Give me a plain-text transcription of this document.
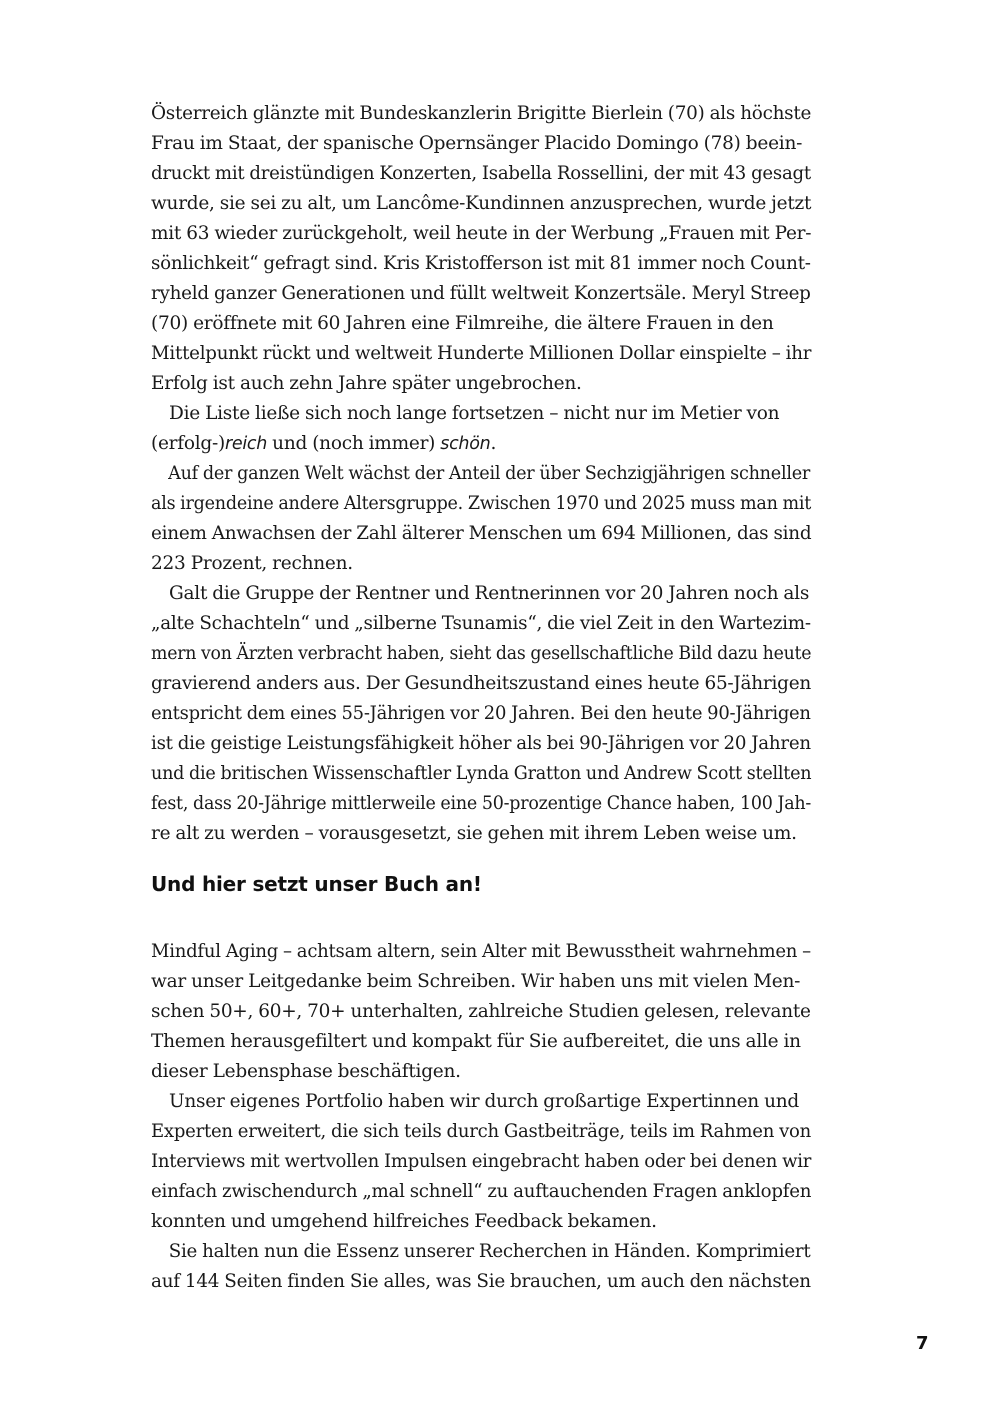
Österreich glänzte mit Bundeskanzlerin Brigitte Bierlein (70) als höchste
Frau im Staat, der spanische Opernsänger Placido Domingo (78) beein-
druckt mit dreistündigen Konzerten, Isabella Rossellini, der mit 43 gesagt
wurde, sie sei zu alt, um Lancôme-Kundinnen anzusprechen, wurde jetzt
mit 63 wieder zurückgeholt, weil heute in der Werbung „Frauen mit Per-
sönlichkeit“ gefragt sind. Kris Kristofferson ist mit 81 immer noch Count-
ryheld ganzer Generationen und füllt weltweit Konzertsäle. Meryl Streep
(70) eröffnete mit 60 Jahren eine Filmreihe, die ältere Frauen in den
Mittelpunkt rückt und weltweit Hunderte Millionen Dollar einspielte – ihr
Erfolg ist auch zehn Jahre später ungebrochen.

Die Liste ließe sich noch lange fortsetzen – nicht nur im Metier von
(erfolg-)reich und (noch immer) schön.

Auf der ganzen Welt wächst der Anteil der über Sechzigjährigen schneller
als irgendeine andere Altersgruppe. Zwischen 1970 und 2025 muss man mit
einem Anwachsen der Zahl älterer Menschen um 694 Millionen, das sind
223 Prozent, rechnen.

Galt die Gruppe der Rentner und Rentnerinnen vor 20 Jahren noch als
„alte Schachteln“ und „silberne Tsunamis“, die viel Zeit in den Wartezim-
mern von Ärzten verbracht haben, sieht das gesellschaftliche Bild dazu heute
gravierend anders aus. Der Gesundheitszustand eines heute 65-Jährigen
entspricht dem eines 55-Jährigen vor 20 Jahren. Bei den heute 90-Jährigen
ist die geistige Leistungsfähigkeit höher als bei 90-Jährigen vor 20 Jahren
und die britischen Wissenschaftler Lynda Gratton und Andrew Scott stellten
fest, dass 20-Jährige mittlerweile eine 50-prozentige Chance haben, 100 Jah-
re alt zu werden – vorausgesetzt, sie gehen mit ihrem Leben weise um.

Und hier setzt unser Buch an!

Mindful Aging – achtsam altern, sein Alter mit Bewusstheit wahrnehmen –
war unser Leitgedanke beim Schreiben. Wir haben uns mit vielen Men-
schen 50+, 60+, 70+ unterhalten, zahlreiche Studien gelesen, relevante
Themen herausgefiltert und kompakt für Sie aufbereitet, die uns alle in
dieser Lebensphase beschäftigen.

Unser eigenes Portfolio haben wir durch großartige Expertinnen und
Experten erweitert, die sich teils durch Gastbeiträge, teils im Rahmen von
Interviews mit wertvollen Impulsen eingebracht haben oder bei denen wir
einfach zwischendurch „mal schnell“ zu auftauchenden Fragen anklopfen
konnten und umgehend hilfreiches Feedback bekamen.

Sie halten nun die Essenz unserer Recherchen in Händen. Komprimiert
auf 144 Seiten finden Sie alles, was Sie brauchen, um auch den nächsten

7
